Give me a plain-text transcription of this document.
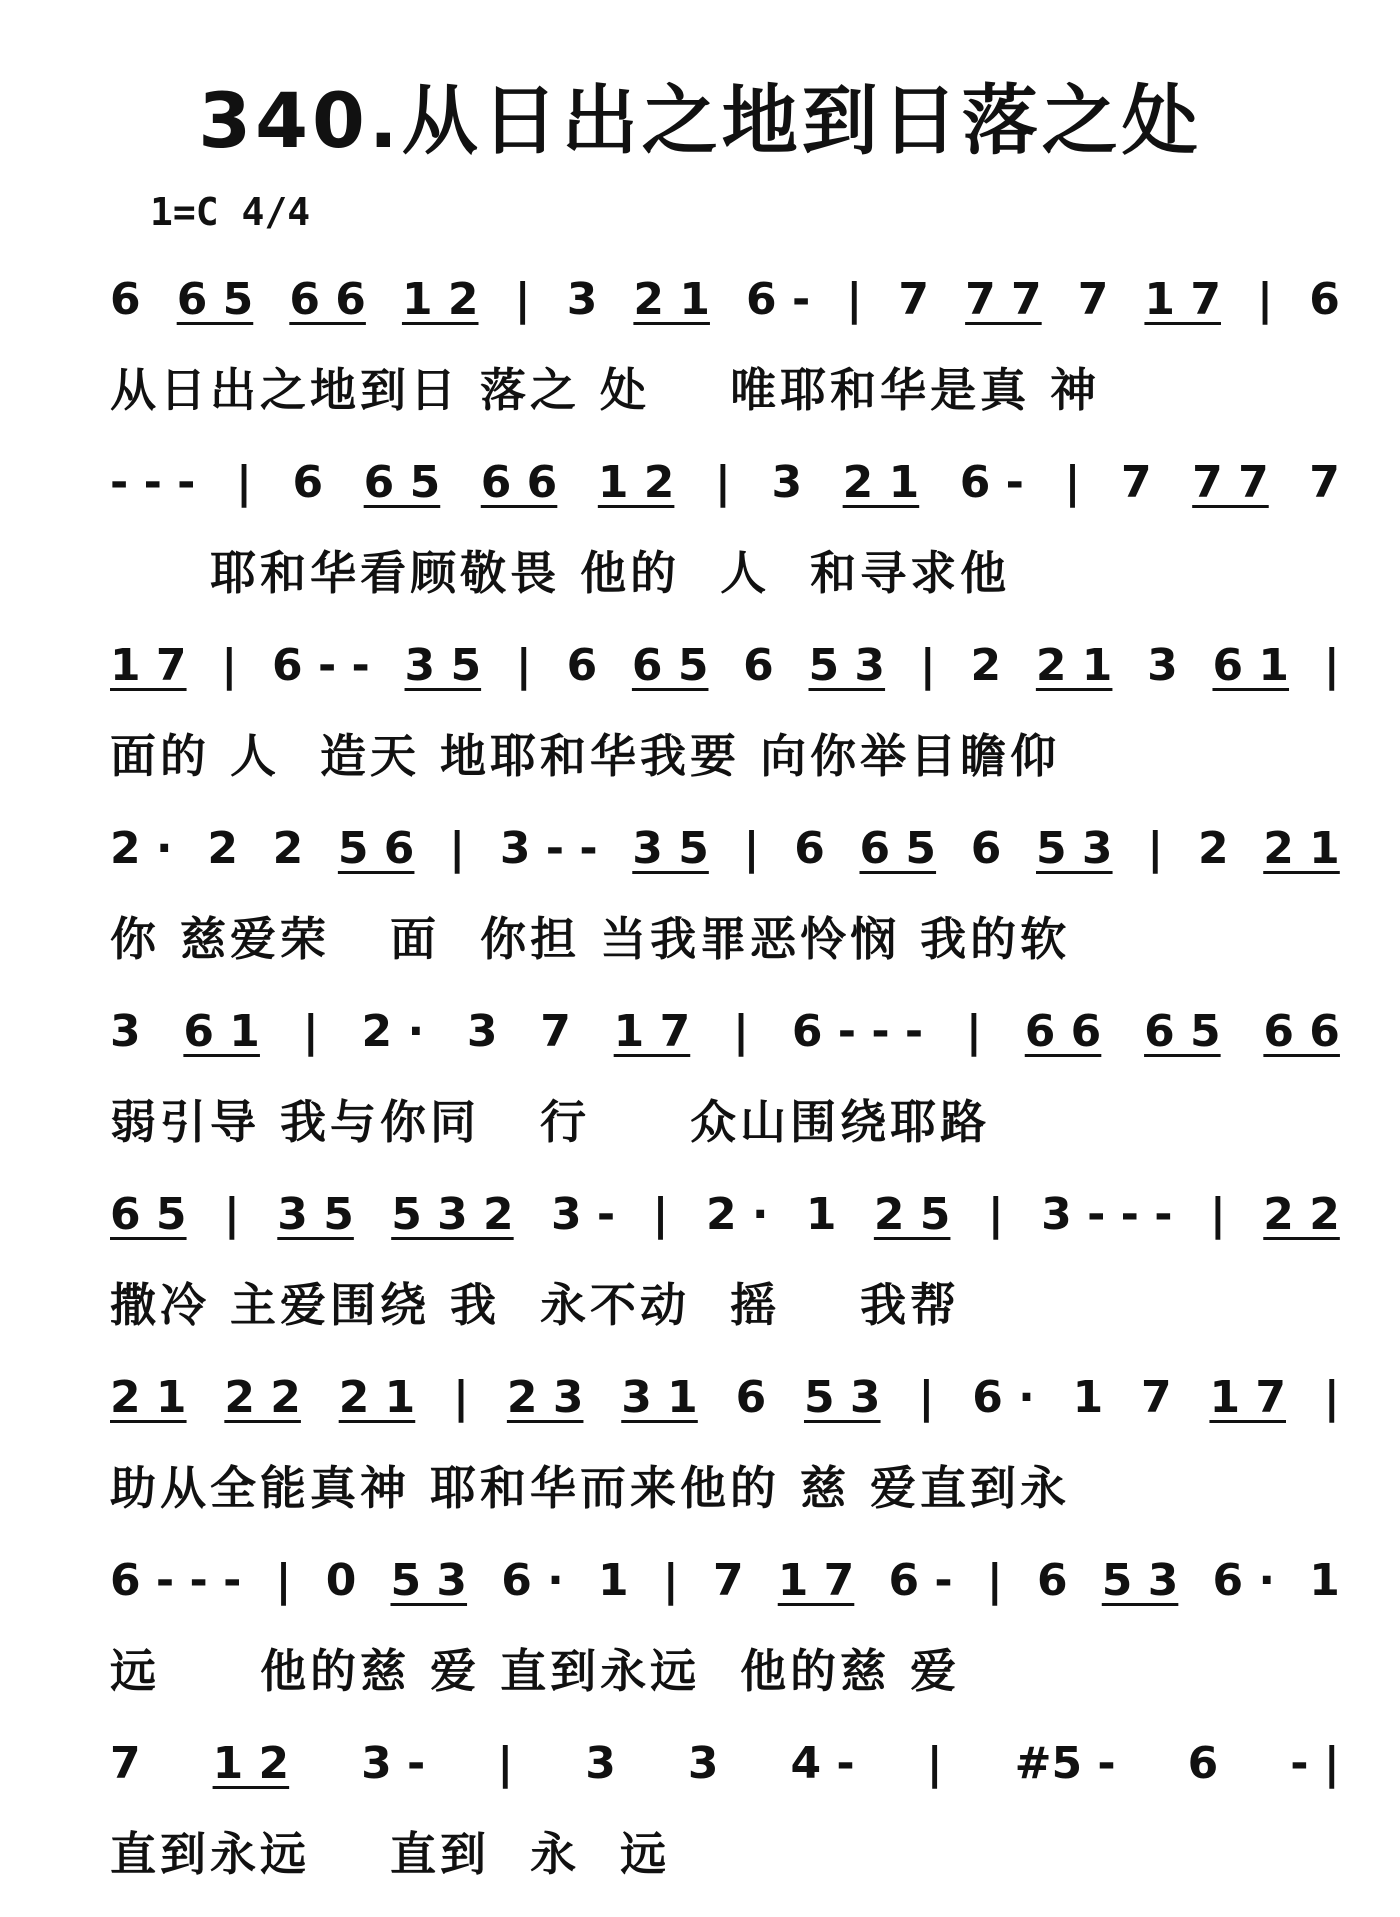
340.从日出之地到日落之处
1=C 4/4
6 6 5 6 6 1 2 | 3 2 1 6 - | 7 7 7 7 1 7 | 6
从日出之地到日 落之 处    唯耶和华是真 神
- - - | 6 6 5 6 6 1 2 | 3 2 1 6 - | 7 7 7 7
耶和华看顾敬畏 他的  人  和寻求他
1 7 | 6 - - 3 5 | 6 6 5 6 5 3 | 2 2 1 3 6 1 |
面的 人  造天 地耶和华我要 向你举目瞻仰
2 · 2 2 5 6 | 3 - - 3 5 | 6 6 5 6 5 3 | 2 2 1
你 慈爱荣   面  你担 当我罪恶怜悯 我的软
3 6 1 | 2 · 3 7 1 7 | 6 - - - | 6 6 6 5 6 6
弱引导 我与你同   行     众山围绕耶路
6 5 | 3 5 5 3 2 3 - | 2 · 1 2 5 | 3 - - - | 2 2
撒冷 主爱围绕 我  永不动  摇    我帮
2 1 2 2 2 1 | 2 3 3 1 6 5 3 | 6 · 1 7 1 7 |
助从全能真神 耶和华而来他的 慈 爱直到永
6 - - - | 0 5 3 6 · 1 | 7 1 7 6 - | 6 5 3 6 · 1
远     他的慈 爱 直到永远  他的慈 爱
7 1 2 3 - | 3 3 4 - | #5 - 6 - |
直到永远    直到  永  远
